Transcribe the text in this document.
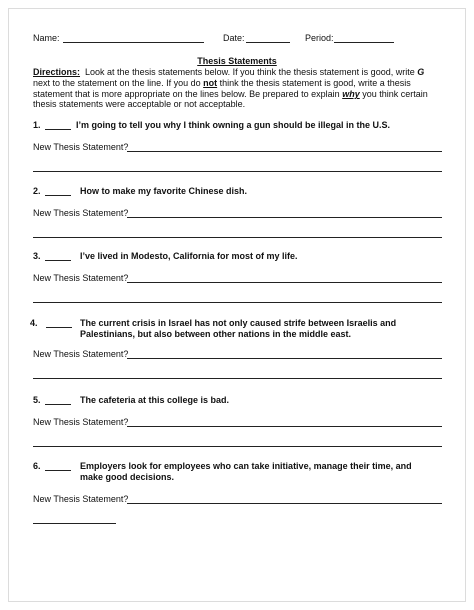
Name:	Date:	Period:
Thesis Statements
Directions: Look at the thesis statements below. If you think the thesis statement is good, write G
next to the statement on the line. If you do not think the thesis statement is good, write a thesis
statement that is more appropriate on the lines below. Be prepared to explain why you think certain
thesis statements were acceptable or not acceptable.
1.	I’m going to tell you why I think owning a gun should be illegal in the U.S.
New Thesis Statement?
2.	How to make my favorite Chinese dish.
New Thesis Statement?
3.	I’ve lived in Modesto, California for most of my life.
New Thesis Statement?
4.	The current crisis in Israel has not only caused strife between Israelis and
Palestinians, but also between other nations in the middle east.
New Thesis Statement?
5.	The cafeteria at this college is bad.
New Thesis Statement?
6.	Employers look for employees who can take initiative, manage their time, and
make good decisions.
New Thesis Statement?
